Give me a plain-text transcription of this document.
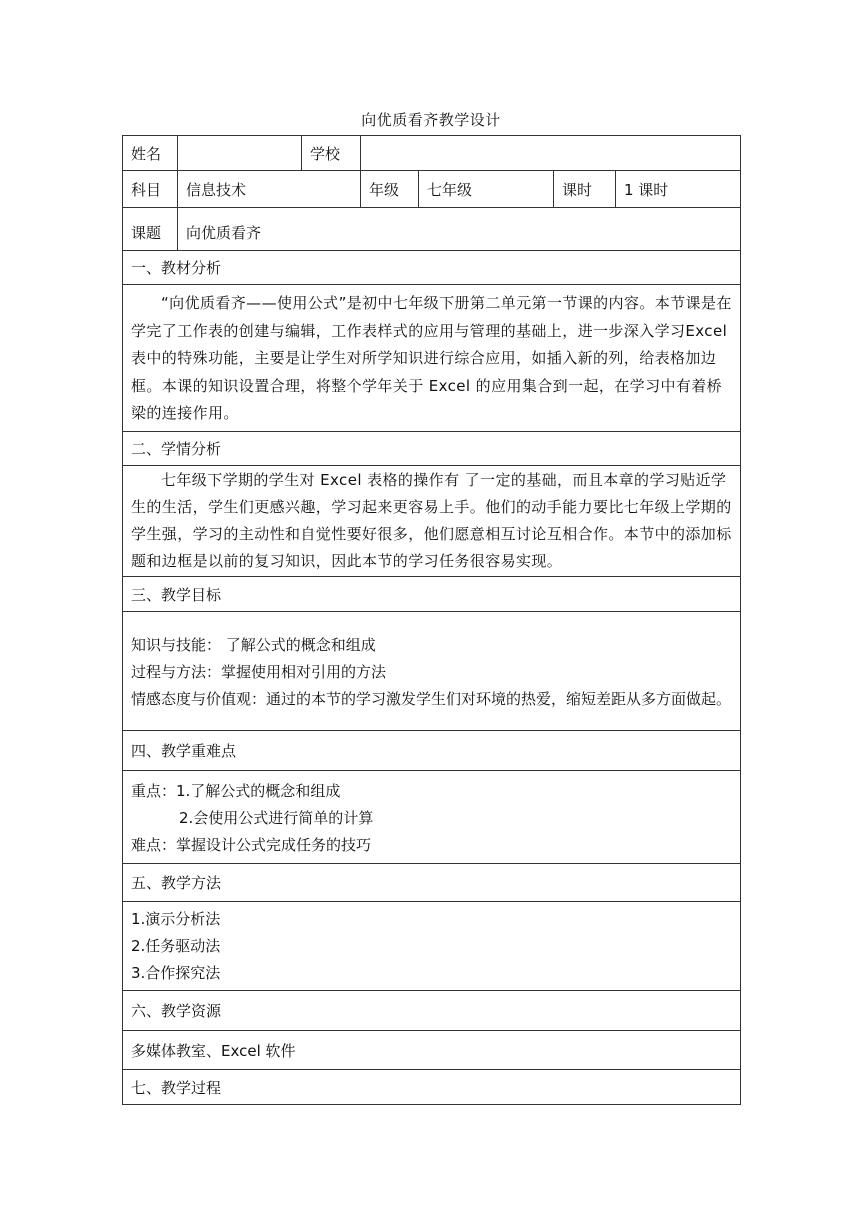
向优质看齐教学设计
姓名		学校				
科目	信息技术		年级	七年级	课时	1 课时
课题	向优质看齐					
一、教材分析						

“向优质看齐——使用公式”是初中七年级下册第二单元第一节课的内容。本节课是在学完了工作表的创建与编辑，工作表样式的应用与管理的基础上，进一步深入学习Excel 表中的特殊功能，主要是让学生对所学知识进行综合应用，如插入新的列，给表格加边框。本课的知识设置合理，将整个学年关于 Excel 的应用集合到一起，在学习中有着桥梁的连接作用。						

二、学情分析						

七年级下学期的学生对 Excel 表格的操作有 了一定的基础，而且本章的学习贴近学生的生活，学生们更感兴趣，学习起来更容易上手。他们的动手能力要比七年级上学期的学生强，学习的主动性和自觉性要好很多，他们愿意相互讨论互相合作。本节中的添加标题和边框是以前的复习知识，因此本节的学习任务很容易实现。						

三、教学目标						

知识与技能： 了解公式的概念和组成
过程与方法：掌握使用相对引用的方法
情感态度与价值观：通过的本节的学习激发学生们对环境的热爱，缩短差距从多方面做起。						

四、教学重难点						

重点：1.了解公式的概念和组成
2.会使用公式进行简单的计算
难点：掌握设计公式完成任务的技巧						

五、教学方法						

1.演示分析法
2.任务驱动法
3.合作探究法						

六、教学资源						
多媒体教室、Excel 软件						
七、教学过程						
